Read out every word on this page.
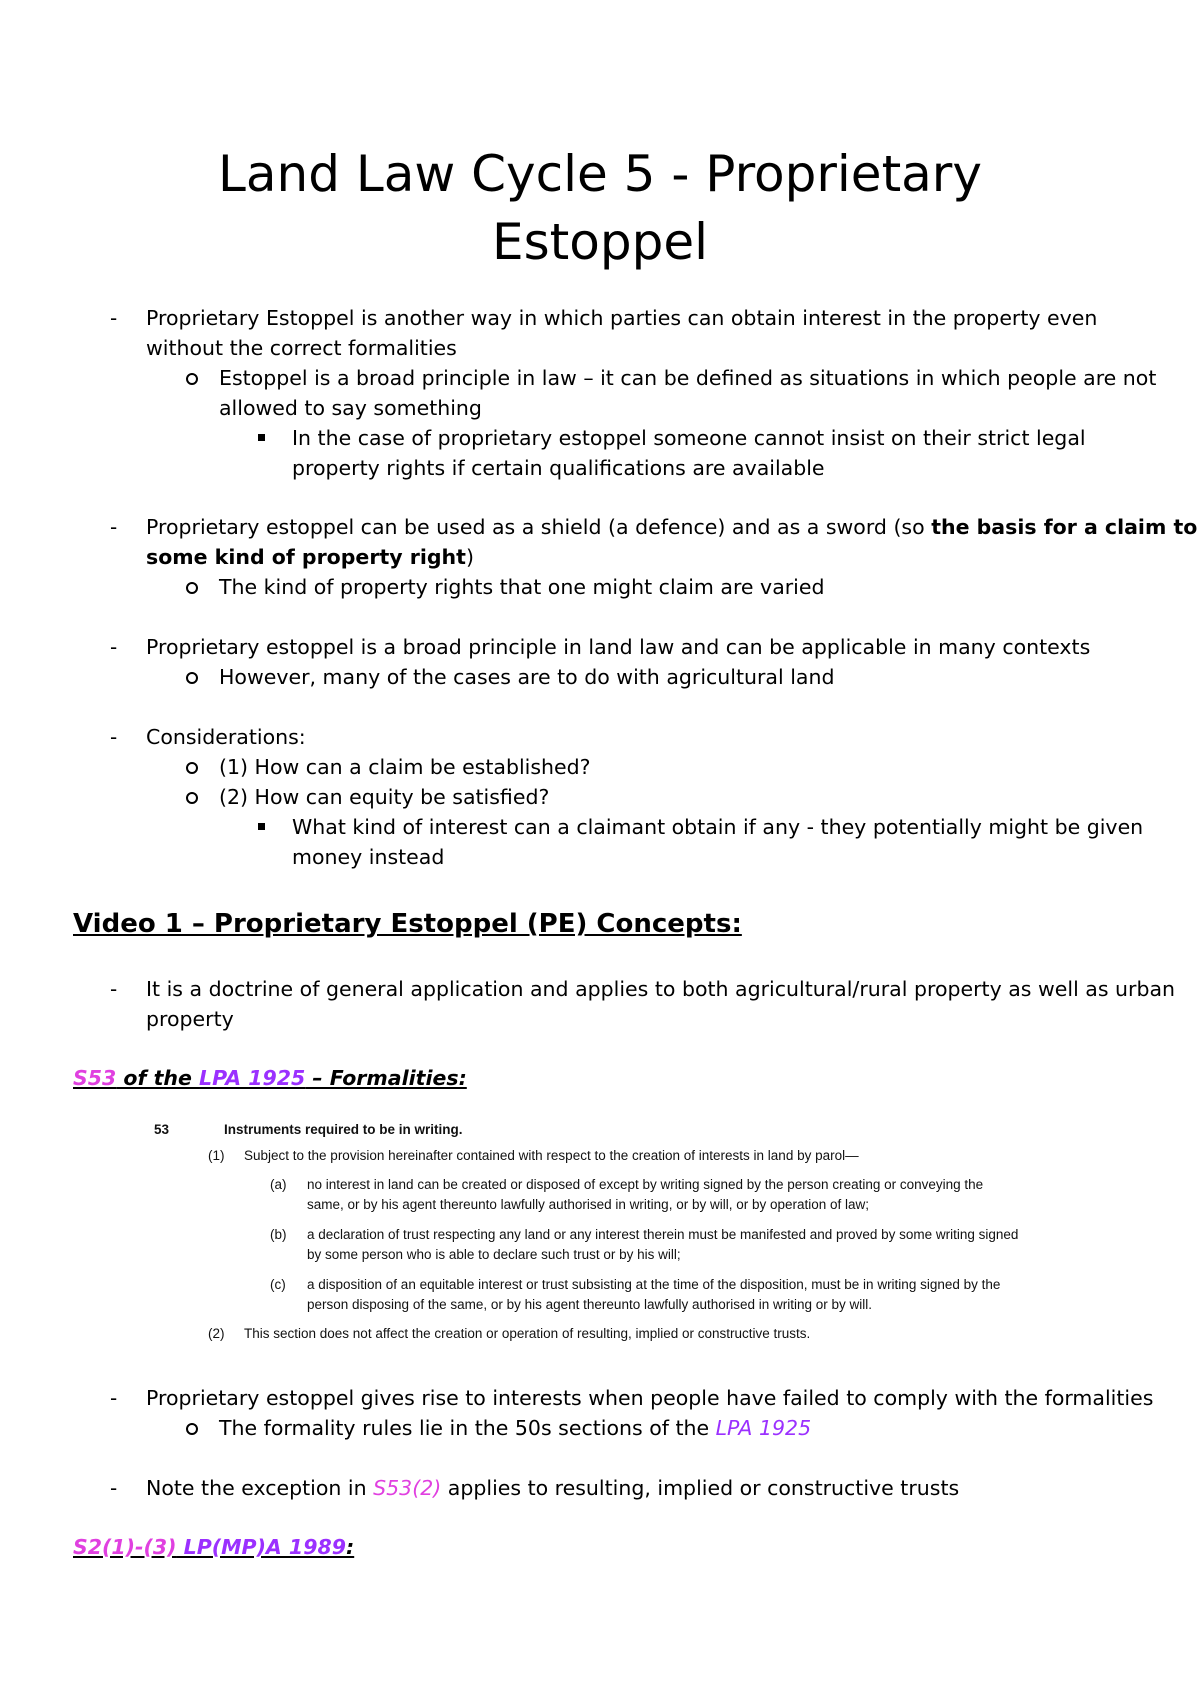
Land Law Cycle 5 - Proprietary
Estoppel
- Proprietary Estoppel is another way in which parties can obtain interest in the property even
without the correct formalities
Estoppel is a broad principle in law – it can be defined as situations in which people are not
allowed to say something
In the case of proprietary estoppel someone cannot insist on their strict legal
property rights if certain qualifications are available
- Proprietary estoppel can be used as a shield (a defence) and as a sword (so the basis for a claim to
some kind of property right)
The kind of property rights that one might claim are varied
- Proprietary estoppel is a broad principle in land law and can be applicable in many contexts
However, many of the cases are to do with agricultural land
- Considerations:
(1) How can a claim be established?
(2) How can equity be satisfied?
What kind of interest can a claimant obtain if any - they potentially might be given
money instead
Video 1 – Proprietary Estoppel (PE) Concepts:
- It is a doctrine of general application and applies to both agricultural/rural property as well as urban
property
S53 of the LPA 1925 – Formalities:
53	Instruments required to be in writing.
(1) Subject to the provision hereinafter contained with respect to the creation of interests in land by parol—
(a) no interest in land can be created or disposed of except by writing signed by the person creating or conveying the
same, or by his agent thereunto lawfully authorised in writing, or by will, or by operation of law;
(b) a declaration of trust respecting any land or any interest therein must be manifested and proved by some writing signed
by some person who is able to declare such trust or by his will;
(c) a disposition of an equitable interest or trust subsisting at the time of the disposition, must be in writing signed by the
person disposing of the same, or by his agent thereunto lawfully authorised in writing or by will.
(2) This section does not affect the creation or operation of resulting, implied or constructive trusts.
- Proprietary estoppel gives rise to interests when people have failed to comply with the formalities
The formality rules lie in the 50s sections of the LPA 1925
- Note the exception in S53(2) applies to resulting, implied or constructive trusts
S2(1)-(3) LP(MP)A 1989:
